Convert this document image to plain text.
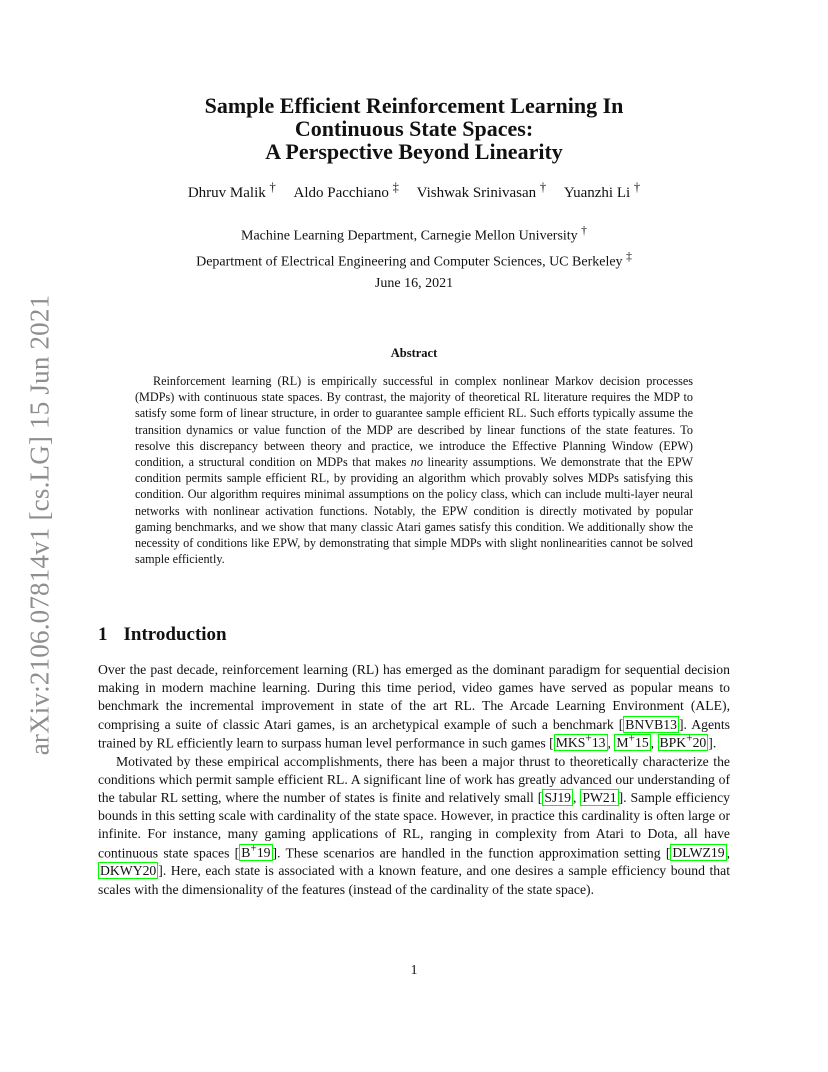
arXiv:2106.07814v1 [cs.LG] 15 Jun 2021
Sample Efficient Reinforcement Learning In
Continuous State Spaces:
A Perspective Beyond Linearity
Dhruv Malik † Aldo Pacchiano ‡ Vishwak Srinivasan † Yuanzhi Li †
Machine Learning Department, Carnegie Mellon University †
Department of Electrical Engineering and Computer Sciences, UC Berkeley ‡
June 16, 2021
Abstract

Reinforcement learning (RL) is empirically successful in complex nonlinear Markov decision processes (MDPs) with continuous state spaces. By contrast, the majority of theoretical RL literature requires the MDP to satisfy some form of linear structure, in order to guarantee sample efficient RL. Such efforts typically assume the transition dynamics or value function of the MDP are described by linear functions of the state features. To resolve this discrepancy between theory and practice, we introduce the Effective Planning Window (EPW) condition, a structural condition on MDPs that makes no linearity assumptions. We demonstrate that the EPW condition permits sample efficient RL, by providing an algorithm which provably solves MDPs satisfying this condition. Our algorithm requires minimal assumptions on the policy class, which can include multi-layer neural networks with nonlinear activation functions. Notably, the EPW condition is directly motivated by popular gaming benchmarks, and we show that many classic Atari games satisfy this condition. We additionally show the necessity of conditions like EPW, by demonstrating that simple MDPs with slight nonlinearities cannot be solved sample efficiently.

1 Introduction

Over the past decade, reinforcement learning (RL) has emerged as the dominant paradigm for sequential decision making in modern machine learning. During this time period, video games have served as popular means to benchmark the incremental improvement in state of the art RL. The Arcade Learning Environment (ALE), comprising a suite of classic Atari games, is an archetypical example of such a benchmark [ BNVB13 ]. Agents trained by RL efficiently learn to surpass human level performance in such games [ MKS+13 , M+15 , BPK+20 ].

Motivated by these empirical accomplishments, there has been a major thrust to theoretically characterize the conditions which permit sample efficient RL. A significant line of work has greatly advanced our understanding of the tabular RL setting, where the number of states is finite and relatively small [ SJ19 , PW21 ]. Sample efficiency bounds in this setting scale with cardinality of the state space. However, in practice this cardinality is often large or infinite. For instance, many gaming applications of RL, ranging in complexity from Atari to Dota, all have continuous state spaces [ B+19 ]. These scenarios are handled in the function approximation setting [ DLWZ19 , DKWY20 ]. Here, each state is associated with a known feature, and one desires a sample efficiency bound that scales with the dimensionality of the features (instead of the cardinality of the state space).

1
